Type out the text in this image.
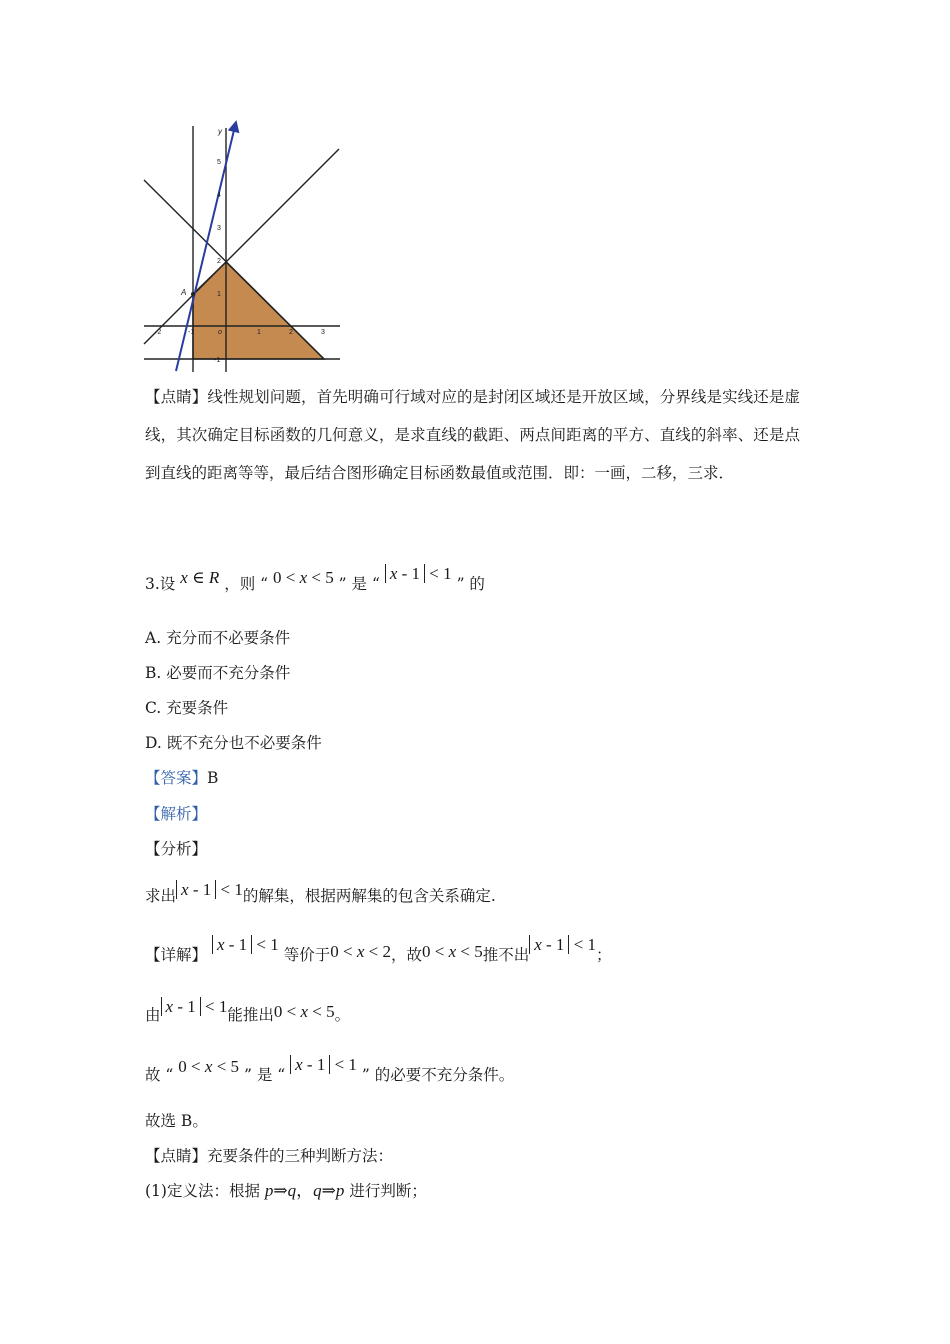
y
A
o
5
4
3
2
1
-1
-2	-1	1	2	3
【点睛】线性规划问题，首先明确可行域对应的是封闭区域还是开放区域，分界线是实线还是虚线，其次确定目标函数的几何意义，是求直线的截距、两点间距离的平方、直线的斜率、还是点到直线的距离等等，最后结合图形确定目标函数最值或范围．即：一画，二移，三求．
3.设 x ∈ R ，则 “ 0 < x < 5 ” 是 “ x - 1 < 1 ” 的
A. 充分而不必要条件
B. 必要而不充分条件
C. 充要条件
D. 既不充分也不必要条件
【答案】B
【解析】
【分析】
求出 x - 1 < 1的解集，根据两解集的包含关系确定.
【详解】 x - 1 < 1 等价于0 < x < 2，故0 < x < 5推不出x - 1 < 1；
由 x - 1 < 1能推出0 < x < 5。
故 “ 0 < x < 5 ” 是 “ x - 1 < 1 ” 的必要不充分条件。
故选 B。
【点睛】充要条件的三种判断方法：
(1)定义法：根据 p⇒q，q⇒p 进行判断；
